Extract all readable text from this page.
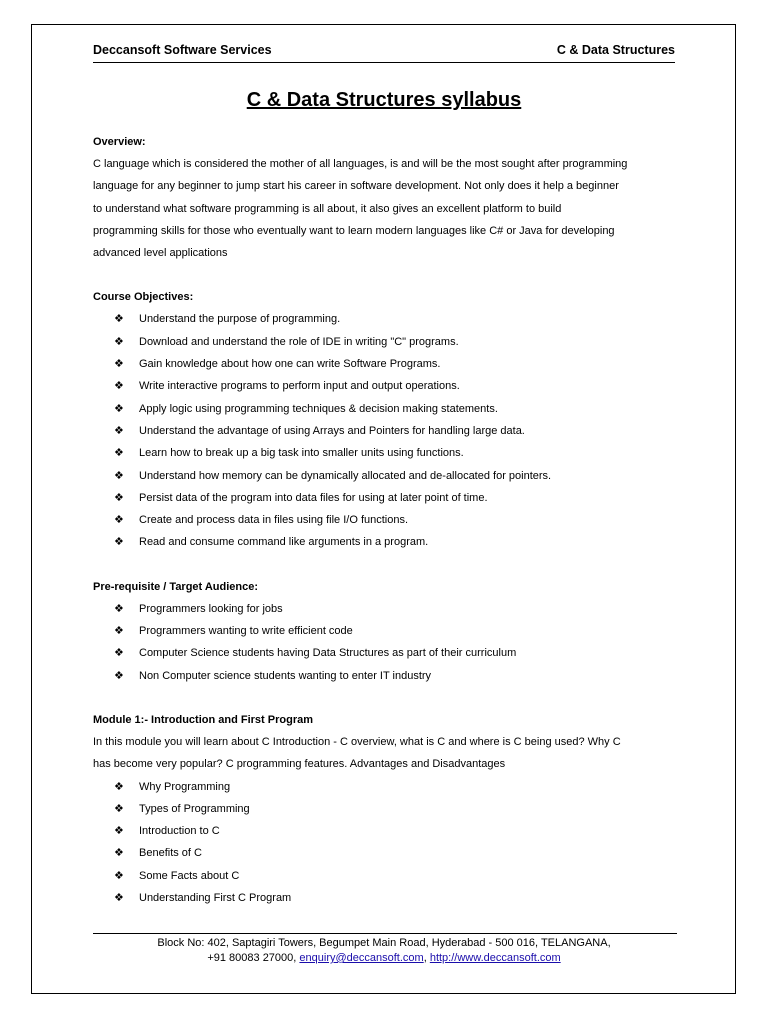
Deccansoft Software Services	C & Data Structures
C & Data Structures syllabus
Overview:
C language which is considered the mother of all languages, is and will be the most sought after programming
language for any beginner to jump start his career in software development. Not only does it help a beginner
to understand what software programming is all about, it also gives an excellent platform to build
programming skills for those who eventually want to learn modern languages like C# or Java for developing
advanced level applications
Course Objectives:
❖ Understand the purpose of programming.
❖ Download and understand the role of IDE in writing "C" programs.
❖ Gain knowledge about how one can write Software Programs.
❖ Write interactive programs to perform input and output operations.
❖ Apply logic using programming techniques & decision making statements.
❖ Understand the advantage of using Arrays and Pointers for handling large data.
❖ Learn how to break up a big task into smaller units using functions.
❖ Understand how memory can be dynamically allocated and de-allocated for pointers.
❖ Persist data of the program into data files for using at later point of time.
❖ Create and process data in files using file I/O functions.
❖ Read and consume command like arguments in a program.
Pre-requisite / Target Audience:
❖ Programmers looking for jobs
❖ Programmers wanting to write efficient code
❖ Computer Science students having Data Structures as part of their curriculum
❖ Non Computer science students wanting to enter IT industry
Module 1:- Introduction and First Program
In this module you will learn about C Introduction - C overview, what is C and where is C being used? Why C
has become very popular? C programming features. Advantages and Disadvantages
❖ Why Programming
❖ Types of Programming
❖ Introduction to C
❖ Benefits of C
❖ Some Facts about C
❖ Understanding First C Program
Block No: 402, Saptagiri Towers, Begumpet Main Road, Hyderabad - 500 016, TELANGANA,
+91 80083 27000, enquiry@deccansoft.com, http://www.deccansoft.com
